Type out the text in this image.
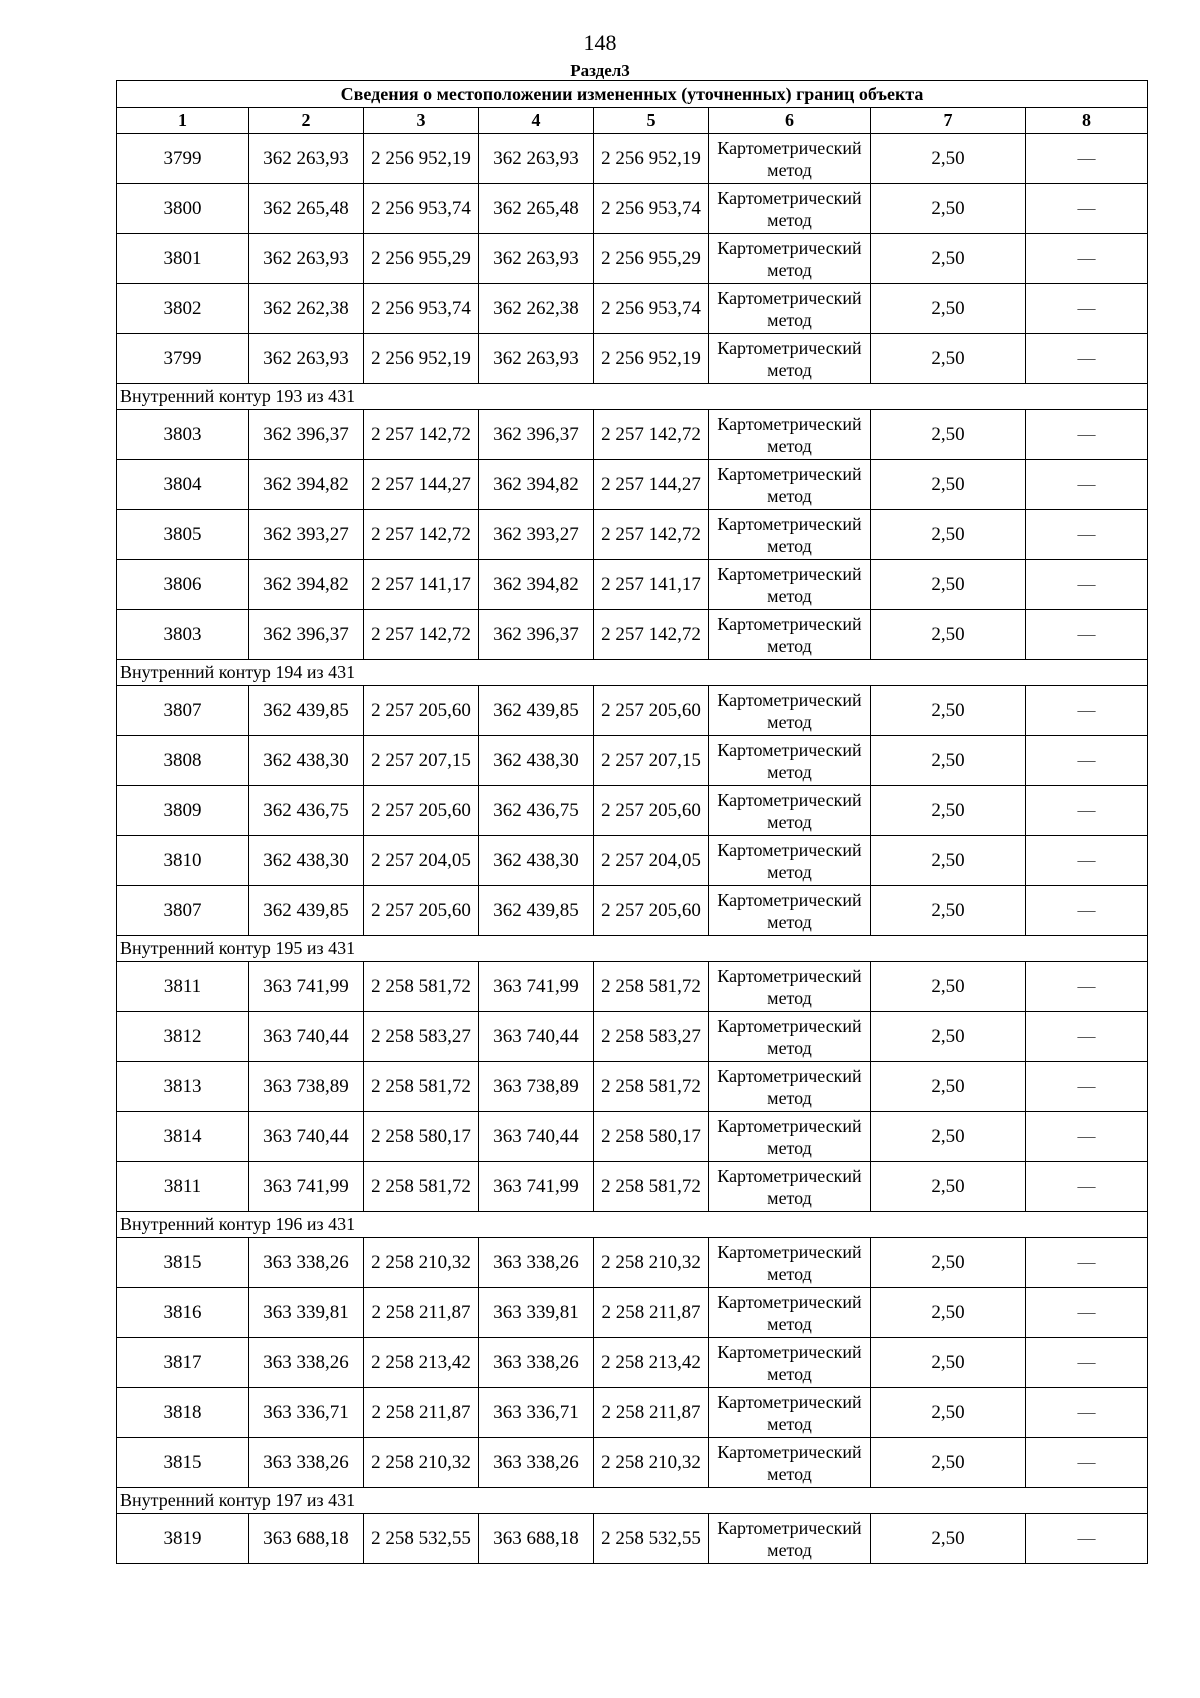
148
Раздел3
Сведения о местоположении измененных (уточненных) границ объекта							
1	2	3	4	5	6	7	8
3799	362 263,93	2 256 952,19	362 263,93	2 256 952,19	Картометрический метод	2,50	—
3800	362 265,48	2 256 953,74	362 265,48	2 256 953,74	Картометрический метод	2,50	—
3801	362 263,93	2 256 955,29	362 263,93	2 256 955,29	Картометрический метод	2,50	—
3802	362 262,38	2 256 953,74	362 262,38	2 256 953,74	Картометрический метод	2,50	—
3799	362 263,93	2 256 952,19	362 263,93	2 256 952,19	Картометрический метод	2,50	—
Внутренний контур 193 из 431							
3803	362 396,37	2 257 142,72	362 396,37	2 257 142,72	Картометрический метод	2,50	—
3804	362 394,82	2 257 144,27	362 394,82	2 257 144,27	Картометрический метод	2,50	—
3805	362 393,27	2 257 142,72	362 393,27	2 257 142,72	Картометрический метод	2,50	—
3806	362 394,82	2 257 141,17	362 394,82	2 257 141,17	Картометрический метод	2,50	—
3803	362 396,37	2 257 142,72	362 396,37	2 257 142,72	Картометрический метод	2,50	—
Внутренний контур 194 из 431							
3807	362 439,85	2 257 205,60	362 439,85	2 257 205,60	Картометрический метод	2,50	—
3808	362 438,30	2 257 207,15	362 438,30	2 257 207,15	Картометрический метод	2,50	—
3809	362 436,75	2 257 205,60	362 436,75	2 257 205,60	Картометрический метод	2,50	—
3810	362 438,30	2 257 204,05	362 438,30	2 257 204,05	Картометрический метод	2,50	—
3807	362 439,85	2 257 205,60	362 439,85	2 257 205,60	Картометрический метод	2,50	—
Внутренний контур 195 из 431							
3811	363 741,99	2 258 581,72	363 741,99	2 258 581,72	Картометрический метод	2,50	—
3812	363 740,44	2 258 583,27	363 740,44	2 258 583,27	Картометрический метод	2,50	—
3813	363 738,89	2 258 581,72	363 738,89	2 258 581,72	Картометрический метод	2,50	—
3814	363 740,44	2 258 580,17	363 740,44	2 258 580,17	Картометрический метод	2,50	—
3811	363 741,99	2 258 581,72	363 741,99	2 258 581,72	Картометрический метод	2,50	—
Внутренний контур 196 из 431							
3815	363 338,26	2 258 210,32	363 338,26	2 258 210,32	Картометрический метод	2,50	—
3816	363 339,81	2 258 211,87	363 339,81	2 258 211,87	Картометрический метод	2,50	—
3817	363 338,26	2 258 213,42	363 338,26	2 258 213,42	Картометрический метод	2,50	—
3818	363 336,71	2 258 211,87	363 336,71	2 258 211,87	Картометрический метод	2,50	—
3815	363 338,26	2 258 210,32	363 338,26	2 258 210,32	Картометрический метод	2,50	—
Внутренний контур 197 из 431							
3819	363 688,18	2 258 532,55	363 688,18	2 258 532,55	Картометрический метод	2,50	—
